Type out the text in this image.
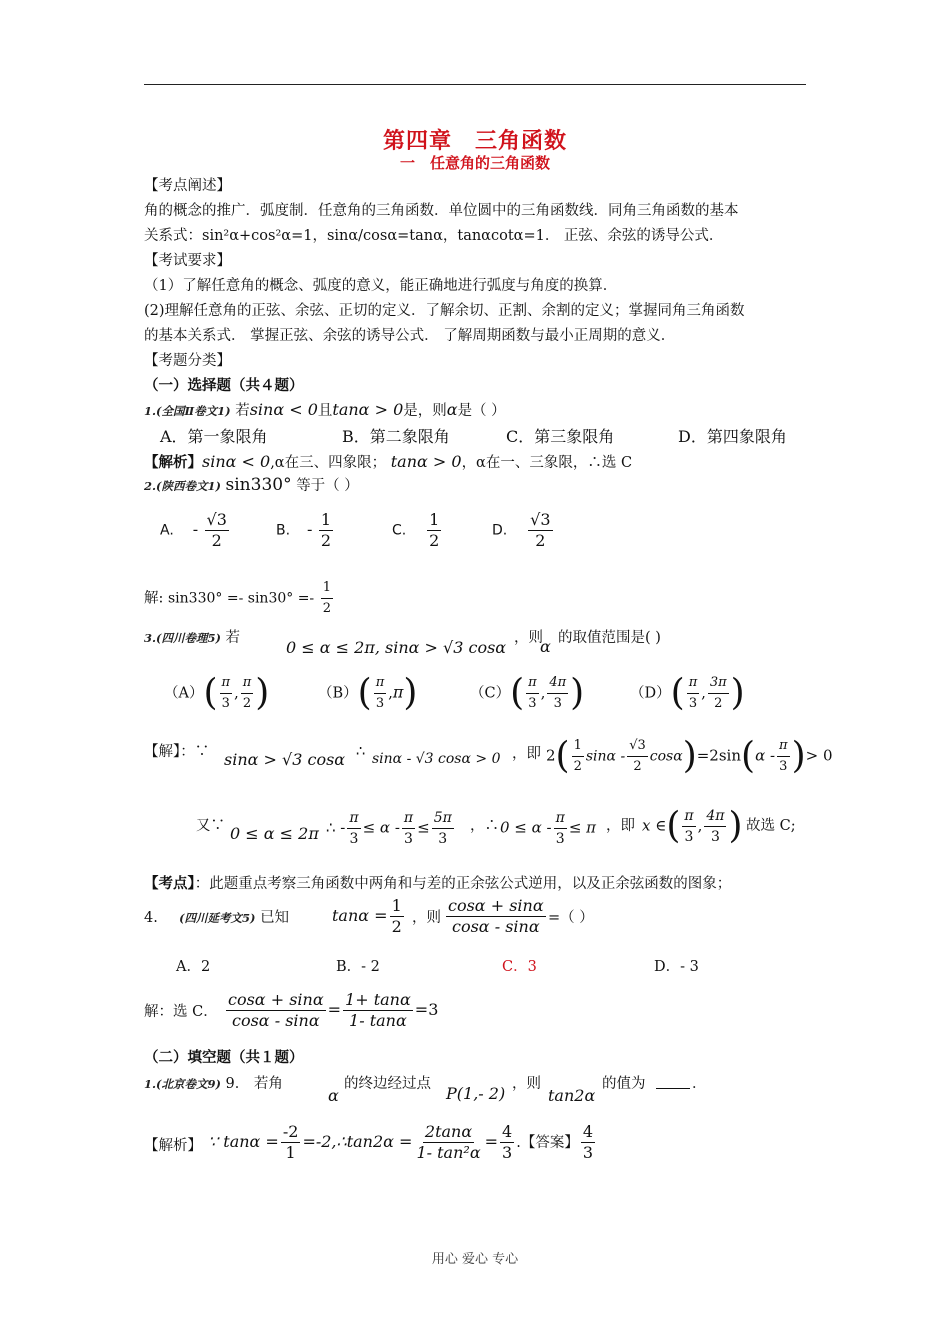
第四章　三角函数
一　任意角的三角函数
【考点阐述】
角的概念的推广．弧度制．任意角的三角函数．单位圆中的三角函数线．同角三角函数的基本
关系式：sin²α+cos²α=1，sinα/cosα=tanα，tanαcotα=1． 正弦、余弦的诱导公式．
【考试要求】
（1）了解任意角的概念、弧度的意义，能正确地进行弧度与角度的换算．
(2)理解任意角的正弦、余弦、正切的定义．了解余切、正割、余割的定义；掌握同角三角函数
的基本关系式． 掌握正弦、余弦的诱导公式． 了解周期函数与最小正周期的意义．
【考题分类】
（一）选择题（共４题）
1.(全国Ⅱ卷文1) 若sinα < 0且tanα > 0是，则α是（ ）
A．第一象限角	B．第二象限角	C．第三象限角	D．第四象限角
【解析】sinα < 0,α在三、四象限； tanα > 0，α在一、三象限，∴选 C
2.(陕西卷文1) sin330° 等于（ ）
A. - $\frac{√3}{2}$	B. - $\frac{1}{2}$	C. $\frac{1}{2}$	D. $\frac{√3}{2}$
解: $\sin 330^\circ =- \sin 30^\circ =- \frac{1}{2}$
3.(四川卷理5) 若	0 ≤ α ≤ 2π, sinα > √3 cosα ，则
α 的取值范围是( )
$(A)( \frac{\pi}{3}$ , $\frac{\pi}{2}$ )	$(B)( \frac{\pi}{3} ,\pi)$	$(C)( \frac{\pi}{3}$ , $\frac{4\pi}{3}$ )	$(D)( \frac{\pi}{3}$ , $\frac{3\pi}{2}$ )
【解】：∵ sinα > √3 cosα ∴ sinα - √3 cosα > 0 ，即 $2( \frac{1}{2}$ $\sin\alpha - \frac{√3}{2} \cos\alpha)=2\sin(\alpha - \frac{\pi}{3}$ )> 0
又∵ 0 ≤ α ≤ 2π ∴ - $\frac{\pi}{3} \le \alpha - \frac{\pi}{3} \le \frac{5\pi}{3}$ ，∴ $0 \le \alpha - \frac{\pi}{3} \le \pi$ ，即 x ∈( $\frac{\pi}{3}$ , $\frac{4\pi}{3}$ ) 故选 C;
【考点】：此题重点考察三角函数中两角和与差的正余弦公式逆用，以及正余弦函数的图象；
4. (四川延考文5) 已知	$\tan\alpha = \frac{1}{2}$ ，则 $\frac{\cos\alpha + \sin\alpha}{\cos\alpha - \sin\alpha}$ =（ ）
A．2	B．- 2	C．3	D．- 3
解：选 C． $\frac{\cos\alpha + \sin\alpha}{\cos\alpha - \sin\alpha} = \frac{1+ \tan\alpha}{1- \tan\alpha} =3$
（二）填空题（共１题）
1.(北京卷文9) 9． 若角
α
的终边经过点 P(1,- 2) ，则
tan2α
的值为	．
【解析】 ∵ $\tan\alpha = \frac{-2}{1}$ =-2,∴tan2α = $\frac{2\tan\alpha}{\text{1- tan²α}} = \frac{4}{3}$ .【答案】 $\frac{4}{3}$
用心 爱心 专心
